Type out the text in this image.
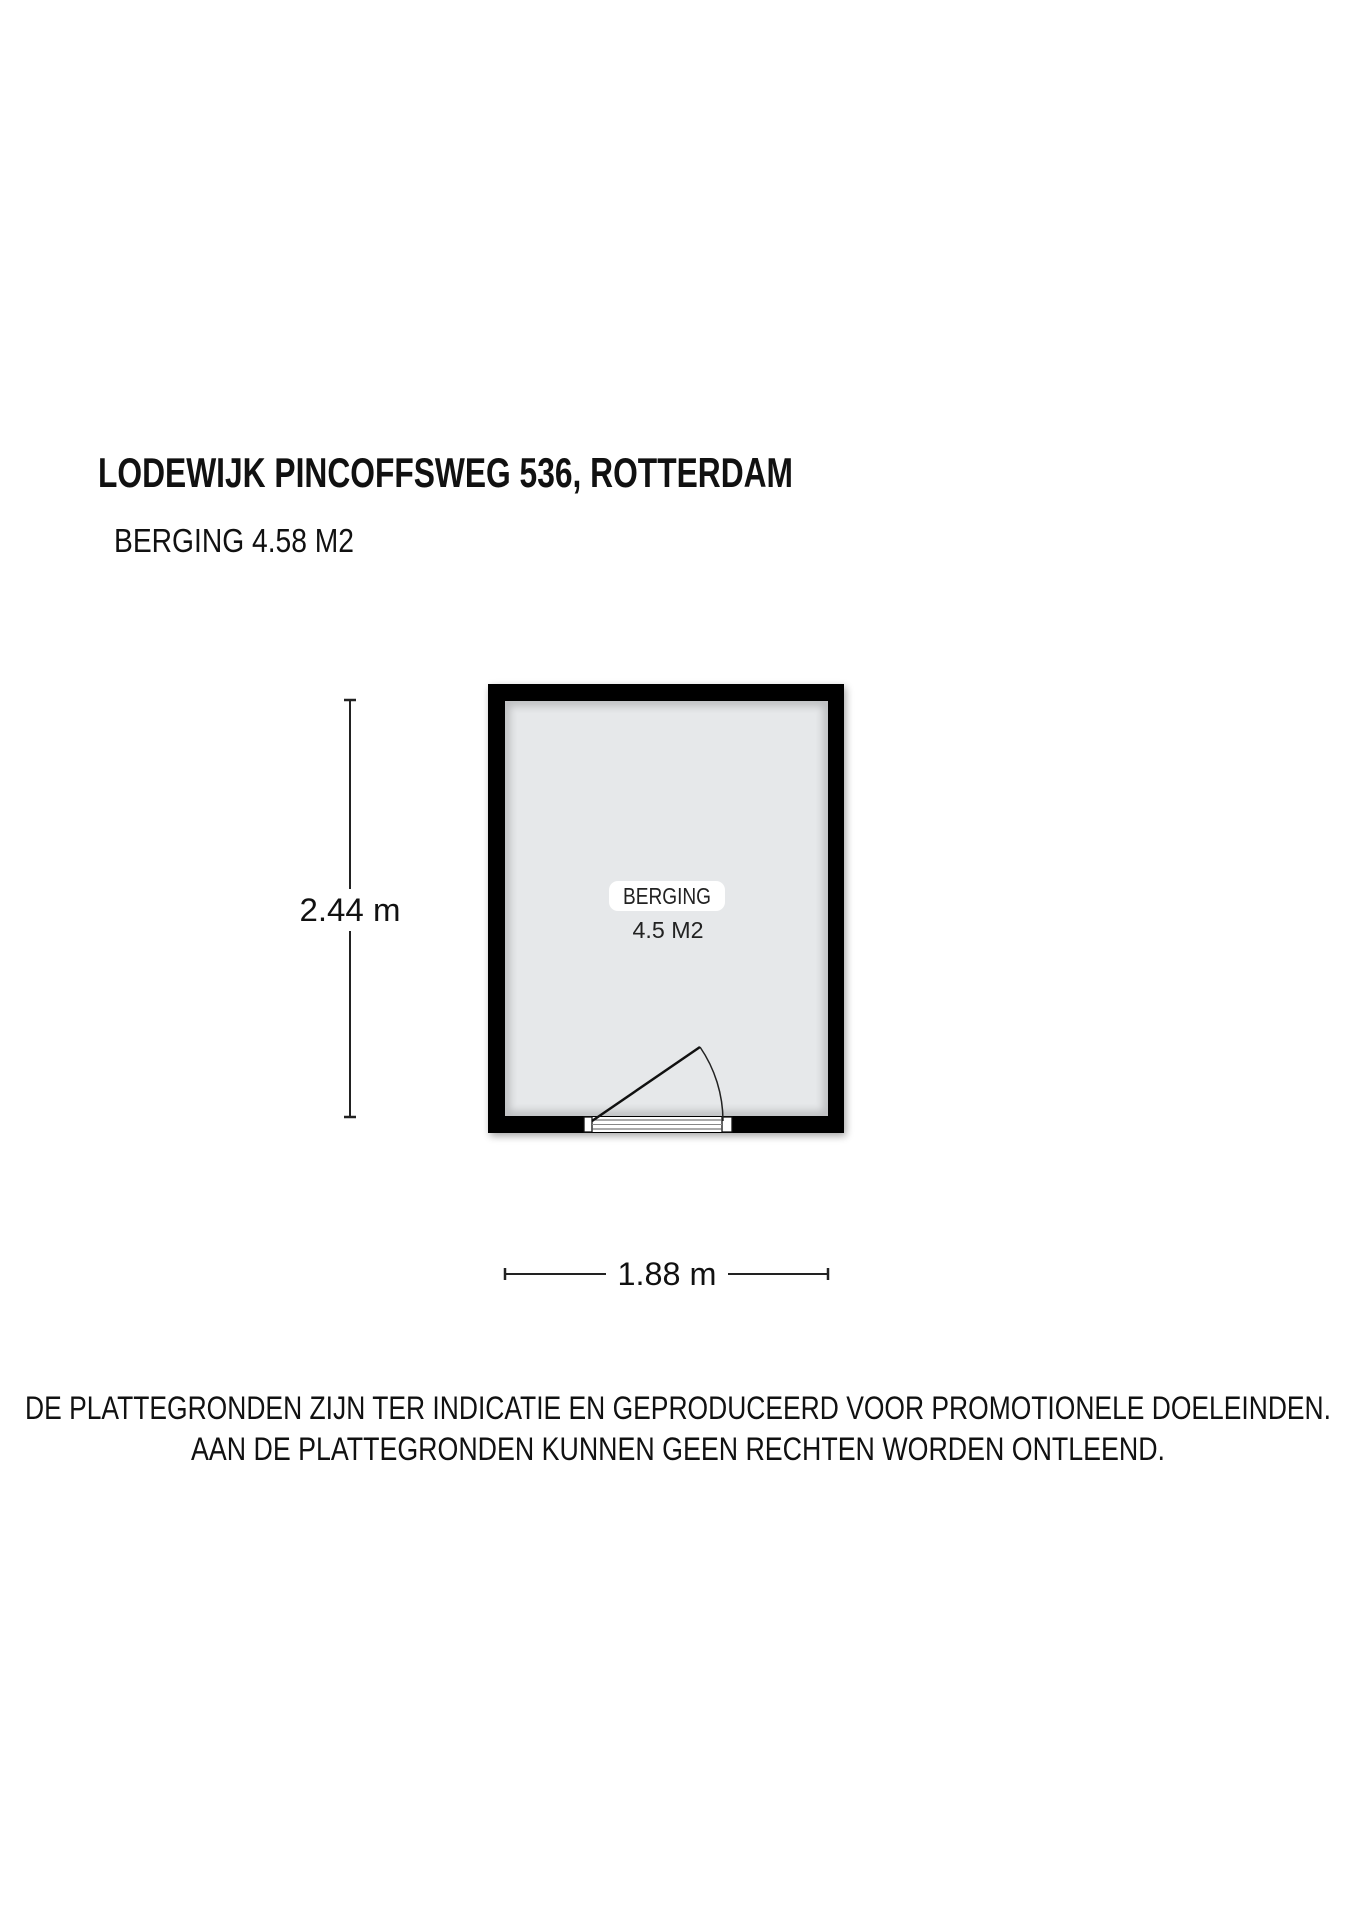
LODEWIJK PINCOFFSWEG 536, ROTTERDAM
BERGING 4.58 M2
2.44 m	BERGING
4.5 M2
1.88 m
DE PLATTEGRONDEN ZIJN TER INDICATIE EN GEPRODUCEERD VOOR PROMOTIONELE DOELEINDEN.
AAN DE PLATTEGRONDEN KUNNEN GEEN RECHTEN WORDEN ONTLEEND.
